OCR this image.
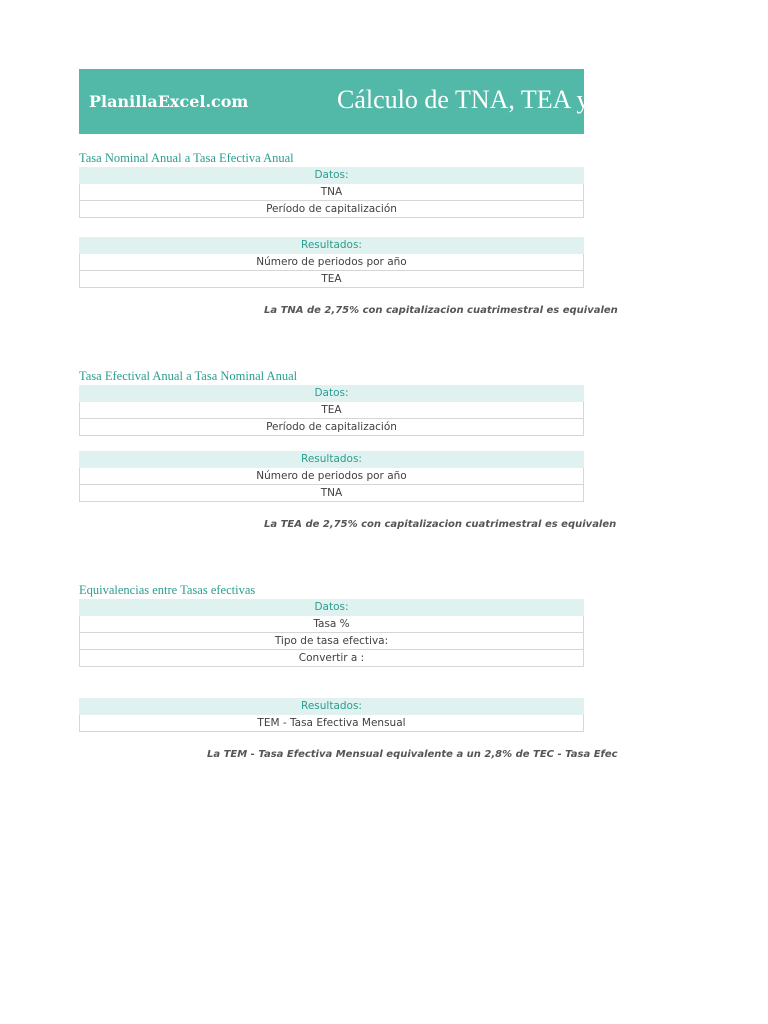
PlanillaExcel.com	Cálculo de TNA, TEA y
Tasa Nominal Anual a Tasa Efectiva Anual
Datos:
TNA
Período de capitalización
Resultados:
Número de periodos por año
TEA
La TNA de 2,75% con capitalizacion cuatrimestral es equivalen
Tasa Efectival Anual a Tasa Nominal Anual
Datos:
TEA
Período de capitalización
Resultados:
Número de periodos por año
TNA
La TEA de 2,75% con capitalizacion cuatrimestral es equivalen
Equivalencias entre Tasas efectivas
Datos:
Tasa %
Tipo de tasa efectiva:
Convertir a :
Resultados:
TEM - Tasa Efectiva Mensual
La TEM - Tasa Efectiva Mensual equivalente a un 2,8% de TEC - Tasa Efec
